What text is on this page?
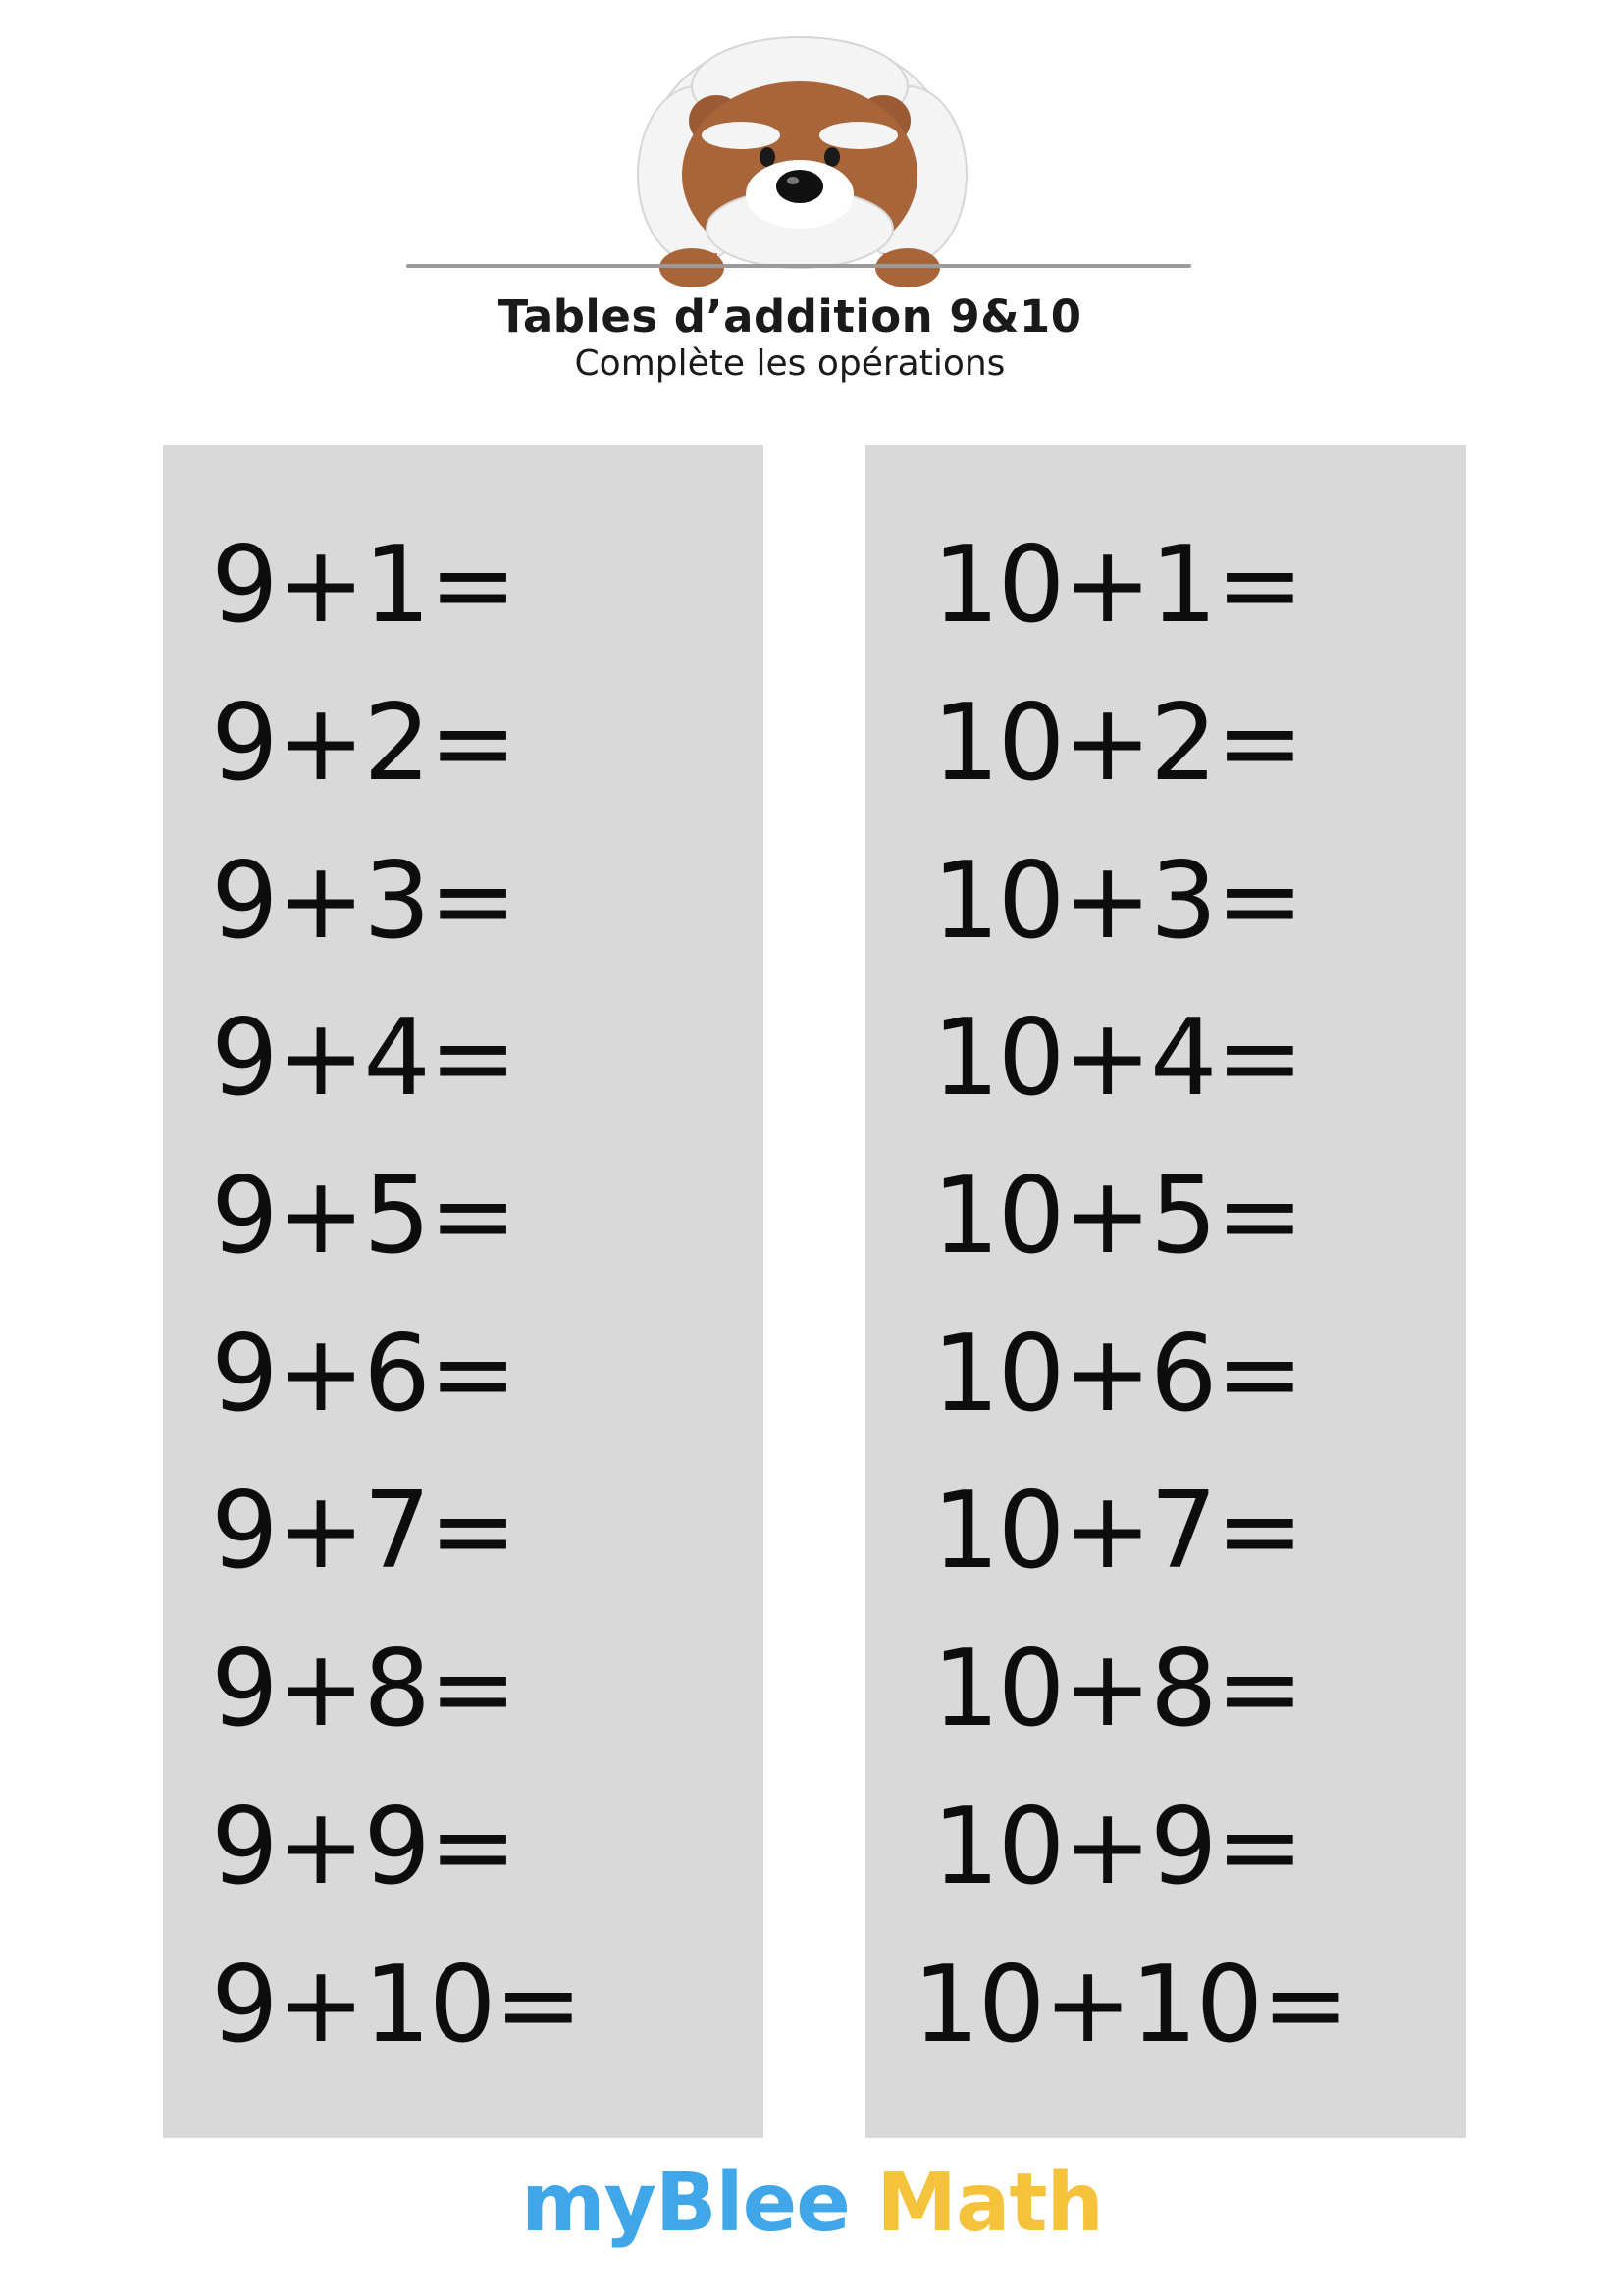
Tables d’addition 9&10
Complète les opérations
9+1=
9+2=
9+3=
9+4=
9+5=
9+6=
9+7=
9+8=
9+9=
9+10=
10+1=
10+2=
10+3=
10+4=
10+5=
10+6=
10+7=
10+8=
10+9=
10+10=
myBlee Math
